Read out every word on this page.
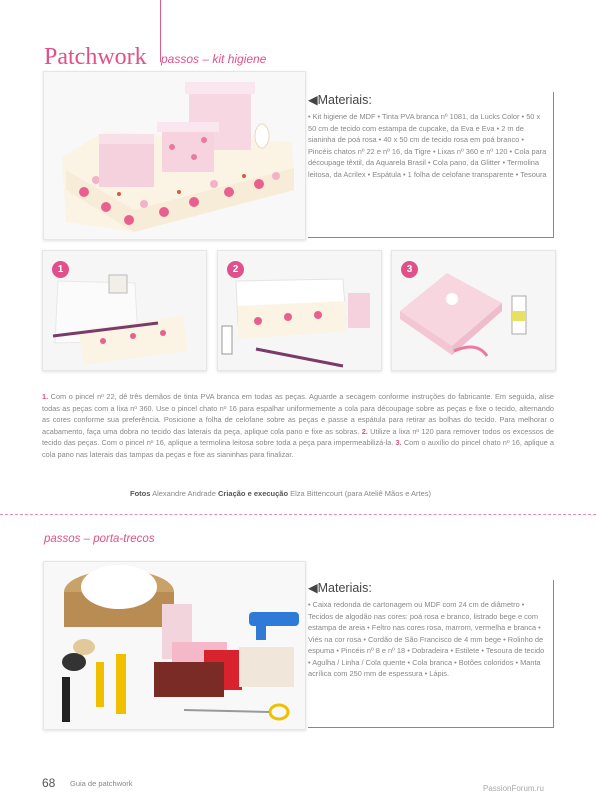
Patchwork passos – kit higiene

◀Materiais:

• Kit higiene de MDF • Tinta PVA branca nº 1081, da Lucks Color • 50 x 50 cm de tecido com estampa de cupcake, da Eva e Eva • 2 m de sianinha de poá rosa • 40 x 50 cm de tecido rosa em poá branco • Pincéis chatos nº 22 e nº 16, da Tigre • Lixas nº 360 e nº 120 • Cola para découpage têxtil, da Aquarela Brasil • Cola pano, da Glitter • Termolina leitosa, da Acrilex • Espátula • 1 folha de celofane transparente • Tesoura

1	2	3

1. Com o pincel nº 22, dê três demãos de tinta PVA branca em todas as peças. Aguarde a secagem conforme instruções do fabricante. Em seguida, alise todas as peças com a lixa nº 360. Use o pincel chato nº 16 para espalhar uniformemente a cola para découpage sobre as peças e fixe o tecido, alternando as cores conforme sua preferência. Posicione a folha de celofane sobre as peças e passe a espátula para retirar as bolhas do tecido. Para melhorar o acabamento, faça uma dobra no tecido das laterais da peça, aplique cola pano e fixe as sobras. 2. Utilize a lixa nº 120 para remover todos os excessos de tecido das peças. Com o pincel nº 16, aplique a termolina leitosa sobre toda a peça para impermeabilizá-la. 3. Com o auxílio do pincel chato nº 16, aplique a cola pano nas laterais das tampas da peças e fixe as sianinhas para finalizar.

Fotos Alexandre Andrade Criação e execução Elza Bittencourt (para Ateliê Mãos e Artes)
passos – porta-trecos

◀Materiais:

• Caixa redonda de cartonagem ou MDF com 24 cm de diâmetro • Tecidos de algodão nas cores: poá rosa e branco, listrado bege e com estampa de areia • Feltro nas cores rosa, marrom, vermelha e branca • Viés na cor rosa • Cordão de São Francisco de 4 mm bege • Rolinho de espuma • Pincéis nº 8 e nº 18 • Dobradeira • Estilete • Tesoura de tecido • Agulha / Linha / Cola quente • Cola branca • Botões coloridos • Manta acrílica com 250 mm de espessura • Lápis.

68 Guia de patchwork
PassionForum.ru
